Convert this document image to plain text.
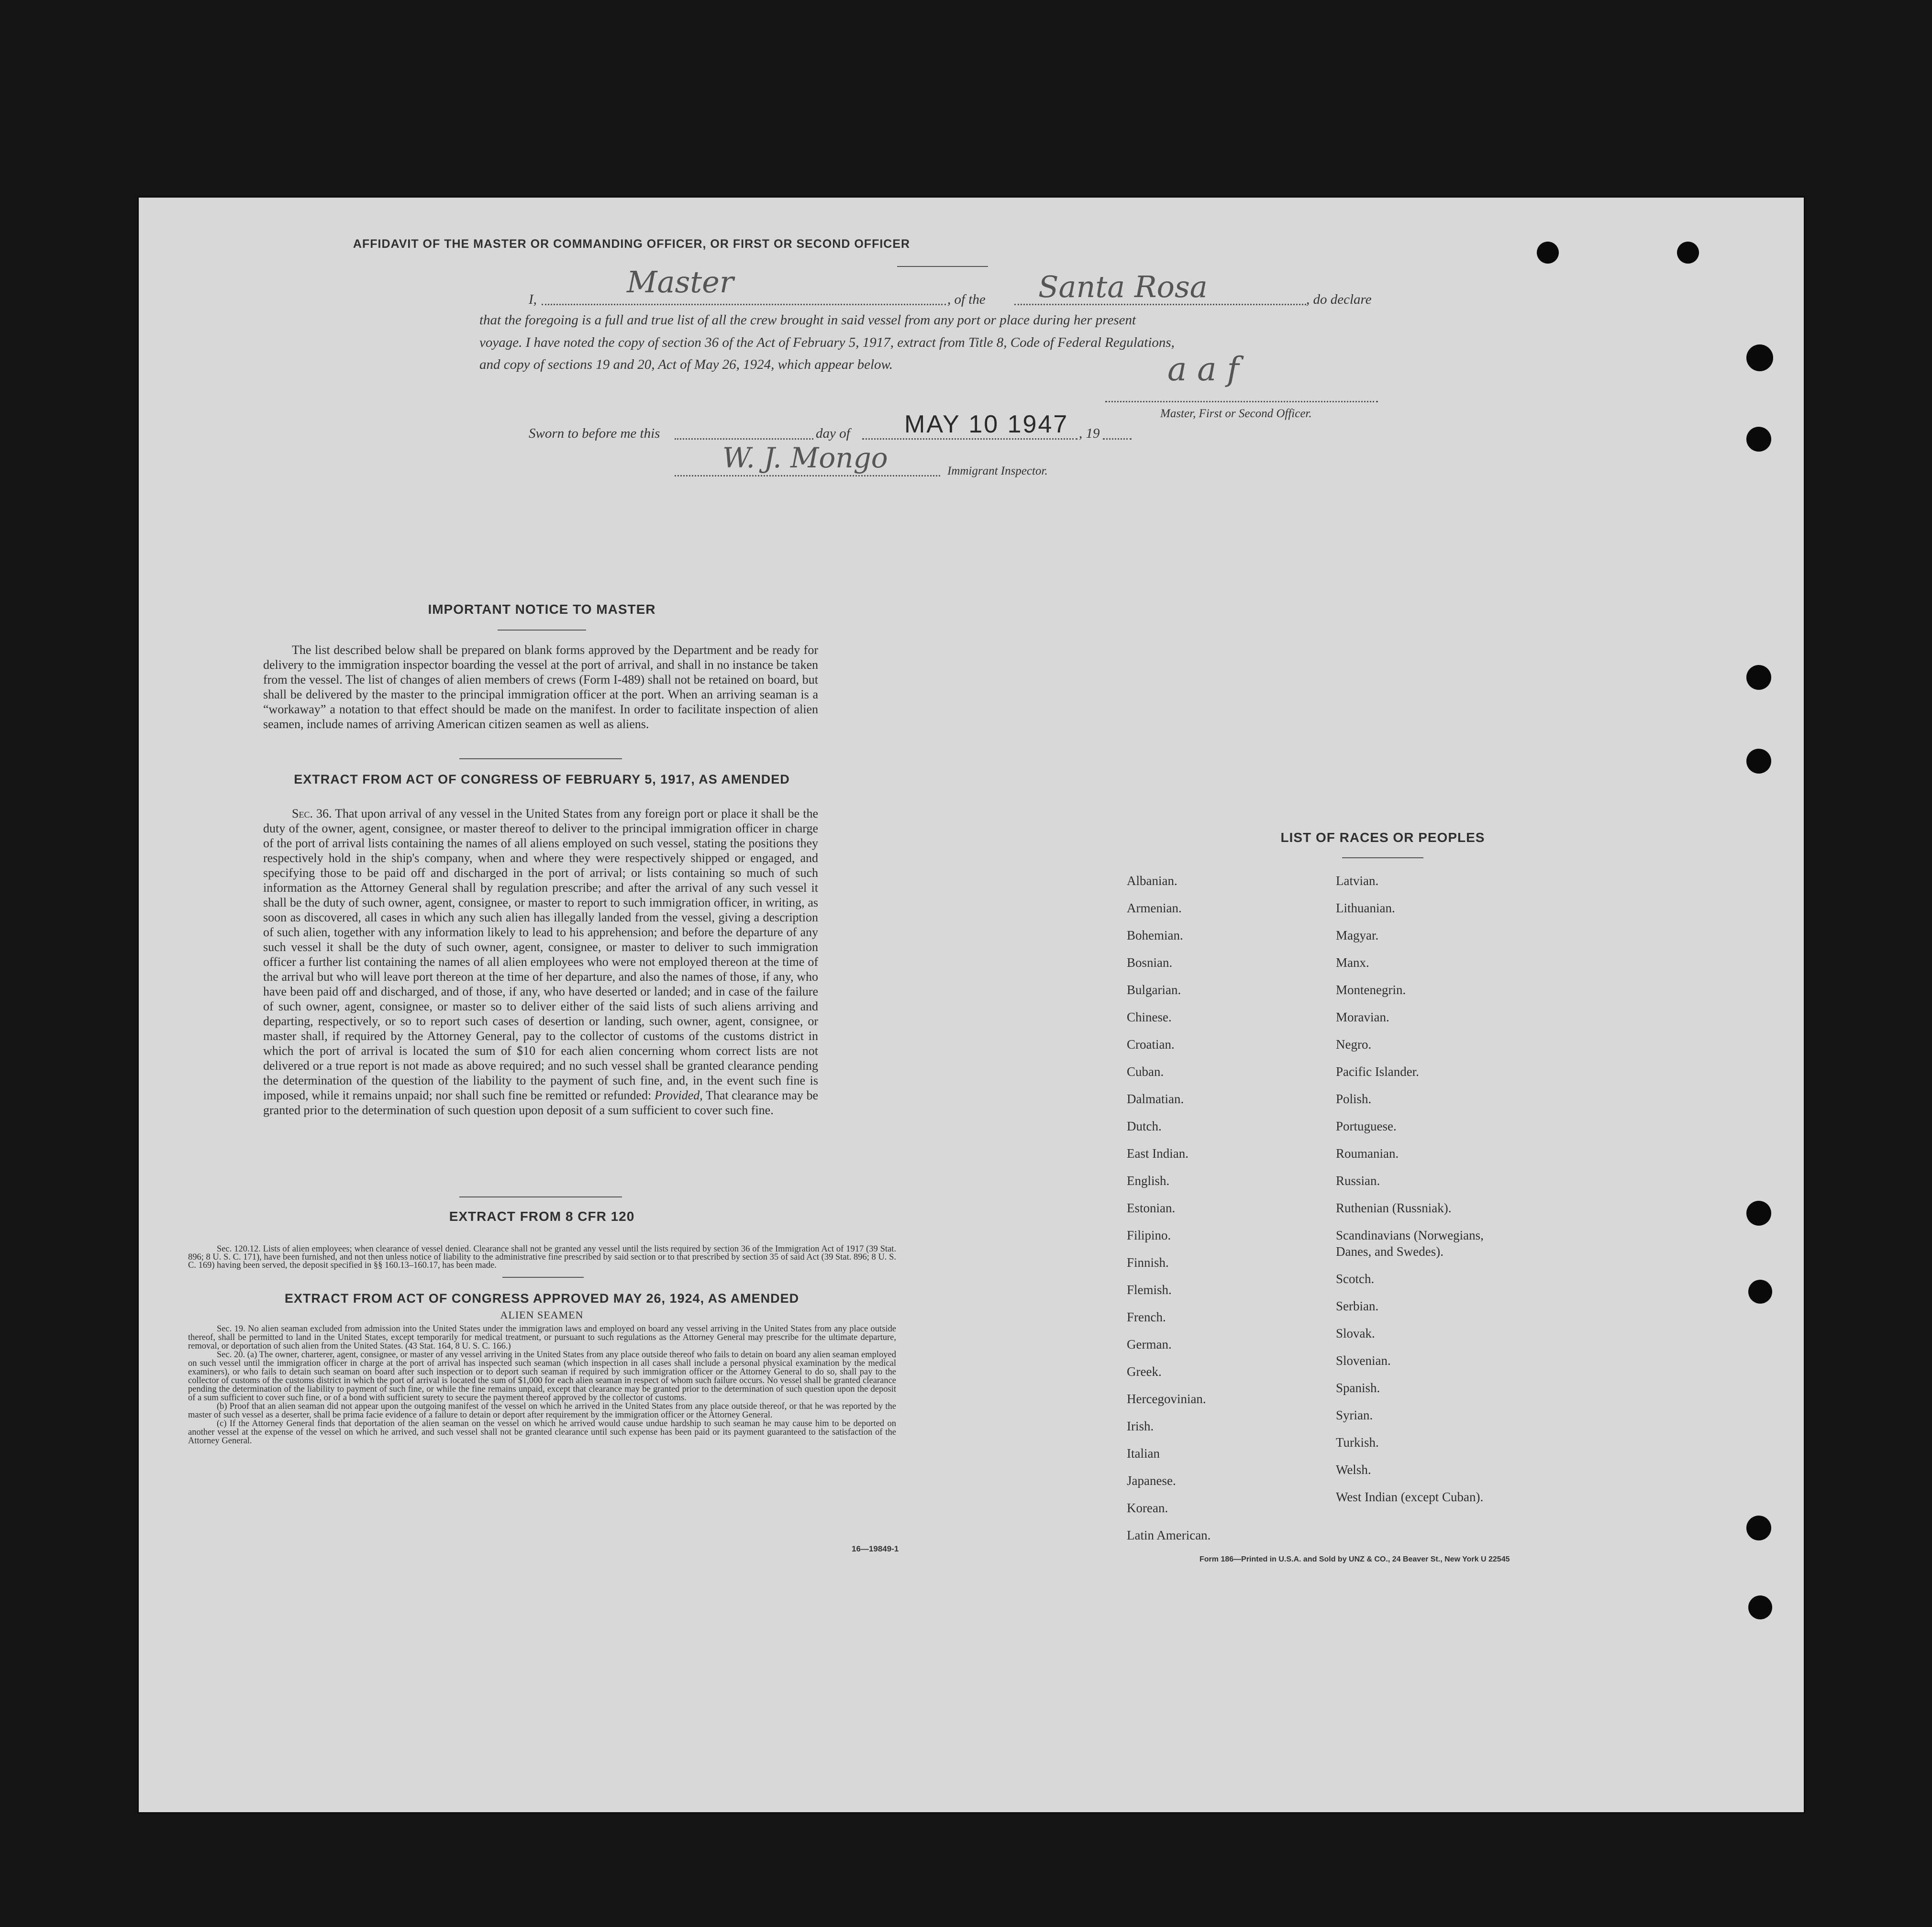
AFFIDAVIT OF THE MASTER OR COMMANDING OFFICER, OR FIRST OR SECOND OFFICER
I,	Master	, of the Santa Rosa	, do declare
that the foregoing is a full and true list of all the crew brought in said vessel from any port or place during her present
voyage. I have noted the copy of section 36 of the Act of February 5, 1917, extract from Title 8, Code of Federal Regulations,
and copy of sections 19 and 20, Act of May 26, 1924, which appear below.	a a f
Master, First or Second Officer.
Sworn to before me this	day of MAY 10 1947 , 19
W. J. Mongo	Immigrant Inspector.
IMPORTANT NOTICE TO MASTER
The list described below shall be prepared on blank forms approved by the Department and be ready for delivery to the immigration inspector boarding the vessel at the port of arrival, and shall in no instance be taken from the vessel. The list of changes of alien members of crews (Form I-489) shall not be retained on board, but shall be delivered by the master to the principal immigration officer at the port. When an arriving seaman is a “workaway” a notation to that effect should be made on the manifest. In order to facilitate inspection of alien seamen, include names of arriving American citizen seamen as well as aliens.
EXTRACT FROM ACT OF CONGRESS OF FEBRUARY 5, 1917, AS AMENDED
Sec. 36. That upon arrival of any vessel in the United States from any foreign port or place it shall be the duty of the owner, agent, consignee, or master thereof to deliver to the principal immigration officer in charge of the port of arrival lists containing the names of all aliens employed on such vessel, stating the positions they respectively hold in the ship's company, when and where they were respectively shipped or engaged, and specifying those to be paid off and discharged in the port of arrival; or lists containing so much of such information as the Attorney General shall by regulation prescribe; and after the arrival of any such vessel it shall be the duty of such owner, agent, consignee, or master to report to such immigration officer, in writing, as soon as discovered, all cases in which any such alien has illegally landed from the vessel, giving a description of such alien, together with any information likely to lead to his apprehension; and before the departure of any such vessel it shall be the duty of such owner, agent, consignee, or master to deliver to such immigration officer a further list containing the names of all alien employees who were not employed thereon at the time of the arrival but who will leave port thereon at the time of her departure, and also the names of those, if any, who have been paid off and discharged, and of those, if any, who have deserted or landed; and in case of the failure of such owner, agent, consignee, or master so to deliver either of the said lists of such aliens arriving and departing, respectively, or so to report such cases of desertion or landing, such owner, agent, consignee, or master shall, if required by the Attorney General, pay to the collector of customs of the customs district in which the port of arrival is located the sum of $10 for each alien concerning whom correct lists are not delivered or a true report is not made as above required; and no such vessel shall be granted clearance pending the determination of the question of the liability to the payment of such fine, and, in the event such fine is imposed, while it remains unpaid; nor shall such fine be remitted or refunded: Provided, That clearance may be granted prior to the determination of such question upon deposit of a sum sufficient to cover such fine.
EXTRACT FROM 8 CFR 120

Sec. 120.12. Lists of alien employees; when clearance of vessel denied. Clearance shall not be granted any vessel until the lists required by section 36 of the Immigration Act of 1917 (39 Stat. 896; 8 U. S. C. 171), have been furnished, and not then unless notice of liability to the administrative fine prescribed by said section or to that prescribed by section 35 of said Act (39 Stat. 896; 8 U. S. C. 169) having been served, the deposit specified in §§ 160.13–160.17, has been made.

EXTRACT FROM ACT OF CONGRESS APPROVED MAY 26, 1924, AS AMENDED
ALIEN SEAMEN

Sec. 19. No alien seaman excluded from admission into the United States under the immigration laws and employed on board any vessel arriving in the United States from any place outside thereof, shall be permitted to land in the United States, except temporarily for medical treatment, or pursuant to such regulations as the Attorney General may prescribe for the ultimate departure, removal, or deportation of such alien from the United States. (43 Stat. 164, 8 U. S. C. 166.)

Sec. 20. (a) The owner, charterer, agent, consignee, or master of any vessel arriving in the United States from any place outside thereof who fails to detain on board any alien seaman employed on such vessel until the immigration officer in charge at the port of arrival has inspected such seaman (which inspection in all cases shall include a personal physical examination by the medical examiners), or who fails to detain such seaman on board after such inspection or to deport such seaman if required by such immigration officer or the Attorney General to do so, shall pay to the collector of customs of the customs district in which the port of arrival is located the sum of $1,000 for each alien seaman in respect of whom such failure occurs. No vessel shall be granted clearance pending the determination of the liability to payment of such fine, or while the fine remains unpaid, except that clearance may be granted prior to the determination of such question upon the deposit of a sum sufficient to cover such fine, or of a bond with sufficient surety to secure the payment thereof approved by the collector of customs.

(b) Proof that an alien seaman did not appear upon the outgoing manifest of the vessel on which he arrived in the United States from any place outside thereof, or that he was reported by the master of such vessel as a deserter, shall be prima facie evidence of a failure to detain or deport after requirement by the immigration officer or the Attorney General.

(c) If the Attorney General finds that deportation of the alien seaman on the vessel on which he arrived would cause undue hardship to such seaman he may cause him to be deported on another vessel at the expense of the vessel on which he arrived, and such vessel shall not be granted clearance until such expense has been paid or its payment guaranteed to the satisfaction of the Attorney General.

16—19849-1
LIST OF RACES OR PEOPLES
Albanian.
Armenian.
Bohemian.
Bosnian.
Bulgarian.
Chinese.
Croatian.
Cuban.
Dalmatian.
Dutch.
East Indian.
English.
Estonian.
Filipino.
Finnish.
Flemish.
French.
German.
Greek.
Hercegovinian.
Irish.
Italian
Japanese.
Korean.
Latin American.
Latvian.
Lithuanian.
Magyar.
Manx.
Montenegrin.
Moravian.
Negro.
Pacific Islander.
Polish.
Portuguese.
Roumanian.
Russian.
Ruthenian (Russniak).
Scandinavians (Norwegians,
Danes, and Swedes).
Scotch.
Serbian.
Slovak.
Slovenian.
Spanish.
Syrian.
Turkish.
Welsh.
West Indian (except Cuban).
Form 186—Printed in U.S.A. and Sold by UNZ & CO., 24 Beaver St., New York U 22545
